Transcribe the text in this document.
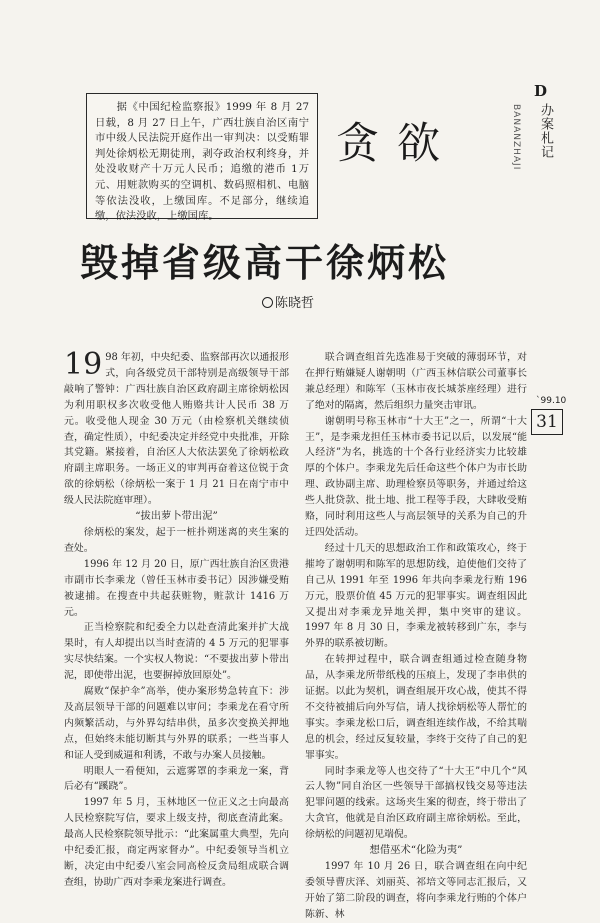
据《中国纪检监察报》1999 年 8 月 27 日载，8 月 27 日上午，广西壮族自治区南宁市中级人民法院开庭作出一审判决：以受贿罪判处徐炳松无期徒刑，剥夺政治权利终身，并处没收财产十万元人民币；追缴的港币 1万元、用赃款购买的空调机、数码照相机、电脑等依法没收，上缴国库。不足部分，继续追缴，依法没收，上缴国库。
贪欲
D
办案札记
BANANZHAJI
毁掉省级高干徐炳松
陈晓哲
`99.10
31

19 98 年初，中央纪委、监察部再次以通报形式，向各级党员干部特别是高级领导干部敲响了警钟：广西壮族自治区政府副主席徐炳松因为利用职权多次收受他人贿赂共计人民币 38 万元。收受他人现金 30 万元（由检察机关继续侦查，确定性质），中纪委决定并经党中央批准，开除其党籍。紧接着，自治区人大依法罢免了徐炳松政府副主席职务。一场正义的审判再奋着这位锐于贪欲的徐炳松（徐炳松一案于 1 月 21 日在南宁市中级人民法院庭审理）。

“拔出萝卜带出泥”

徐炳松的案发，起于一桩扑朔迷离的夹生案的查处。

1996 年 12 月 20 日，原广西壮族自治区贵港市副市长李乘龙（曾任玉林市委书记）因涉嫌受贿被逮捕。在搜查中共起获赃物，赃款计 1416 万元。

正当检察院和纪委全力以赴查清此案并扩大战果时，有人却提出以当时查清的 4 5 万元的犯罪事实尽快结案。一个实权人物说：“不要拔出萝卜带出泥，即使带出泥，也要摒掉放回原处”。

腐败“保护伞”高举，使办案形势急转直下：涉及高层领导干部的问题难以审问；李乘龙在看守所内频繁活动，与外界勾结串供，虽多次变换关押地点，但始终未能切断其与外界的联系；一些当事人和证人受到威逼和利诱，不敢与办案人员接触。

明眼人一看便知，云遮雾罩的李乘龙一案，背后必有“蹊跷”。

1997 年 5 月，玉林地区一位正义之士向最高人民检察院写信，要求上级支持，彻底查清此案。最高人民检察院领导批示：“此案属重大典型，先向中纪委汇报，商定两家督办”。中纪委领导当机立断，决定由中纪委八室会同高检反贪局组成联合调查组，协助广西对李乘龙案进行调查。

联合调查组首先选准易于突破的薄弱环节，对在押行贿嫌疑人谢朝明（广西玉林信联公司董事长兼总经理）和陈军（玉林市夜长城茶座经理）进行了绝对的隔离，然后组织力量突击审讯。

谢朝明号称玉林市“十大王”之一，所谓“十大王”，是李乘龙担任玉林市委书记以后，以发展“能人经济”为名，挑选的十个各行业经济实力比较雄厚的个体户。李乘龙先后任命这些个体户为市长助理、政协副主席、助理检察员等职务，并通过给这些人批贷款、批土地、批工程等手段，大肆收受贿赂，同时利用这些人与高层领导的关系为自己的升迁四处活动。

经过十几天的思想政治工作和政策攻心，终于摧垮了谢朝明和陈军的思想防线，迫使他们交待了自己从 1991 年至 1996 年共向李乘龙行贿 196 万元，股票价值 45 万元的犯罪事实。调查组因此又提出对李乘龙异地关押，集中突审的建议。1997 年 8 月 30 日，李乘龙被转移到广东，李与外界的联系被切断。

在转押过程中，联合调查组通过检查随身物品，从李乘龙所带纸栈的压痕上，发现了李串供的证据。以此为契机，调查组展开攻心战，使其不得不交待被捕后向外写信，请人找徐炳松等人帮忙的事实。李乘龙松口后，调查组连续作战，不给其喘息的机会，经过反复较量，李终于交待了自己的犯罪事实。

同时李乘龙等人也交待了“十大王”中几个“风云人物”同自治区一些领导干部搞权钱交易等违法犯罪问题的线索。这场夹生案的彻查，终于带出了大贪官，他就是自治区政府副主席徐炳松。至此，徐炳松的问题初见端倪。

想借巫术“化险为夷”

1997 年 10 月 26 日，联合调查组在向中纪委领导曹庆泽、刘丽英、祁培文等同志汇报后，又开始了第二阶段的调查，将向李乘龙行贿的个体户陈新、林
